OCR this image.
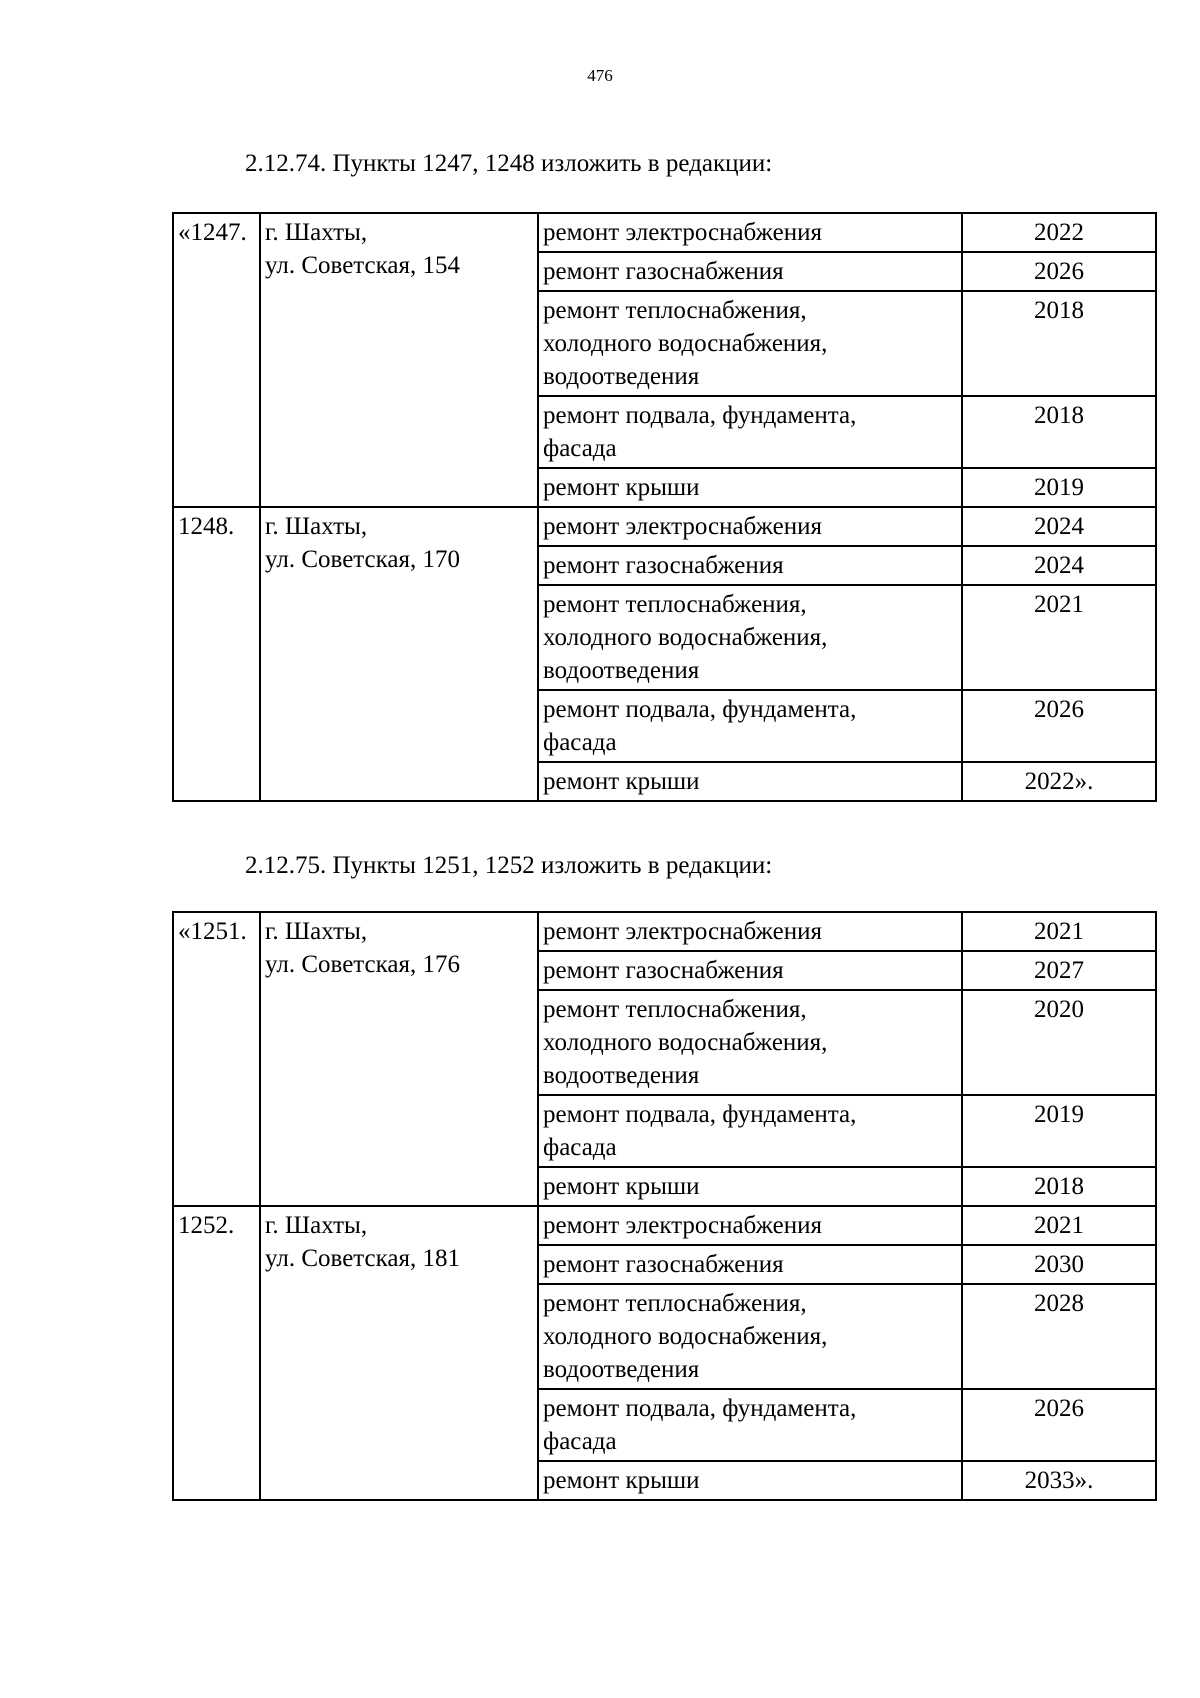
476
2.12.74. Пункты 1247, 1248 изложить в редакции:
«1247.	г. Шахты,
ул. Советская, 154	ремонт электроснабжения	2022

		ремонт газоснабжения	2026

		ремонт теплоснабжения,
холодного водоснабжения,
водоотведения	2018

		ремонт подвала, фундамента,
фасада	2018

		ремонт крыши	2019
1248.	г. Шахты,
ул. Советская, 170	ремонт электроснабжения	2024

		ремонт газоснабжения	2024

		ремонт теплоснабжения,
холодного водоснабжения,
водоотведения	2021

		ремонт подвала, фундамента,
фасада	2026

		ремонт крыши	2022».
2.12.75. Пункты 1251, 1252 изложить в редакции:
«1251.	г. Шахты,
ул. Советская, 176	ремонт электроснабжения	2021

		ремонт газоснабжения	2027

		ремонт теплоснабжения,
холодного водоснабжения,
водоотведения	2020

		ремонт подвала, фундамента,
фасада	2019

		ремонт крыши	2018
1252.	г. Шахты,
ул. Советская, 181	ремонт электроснабжения	2021

		ремонт газоснабжения	2030

		ремонт теплоснабжения,
холодного водоснабжения,
водоотведения	2028

		ремонт подвала, фундамента,
фасада	2026

		ремонт крыши	2033».
